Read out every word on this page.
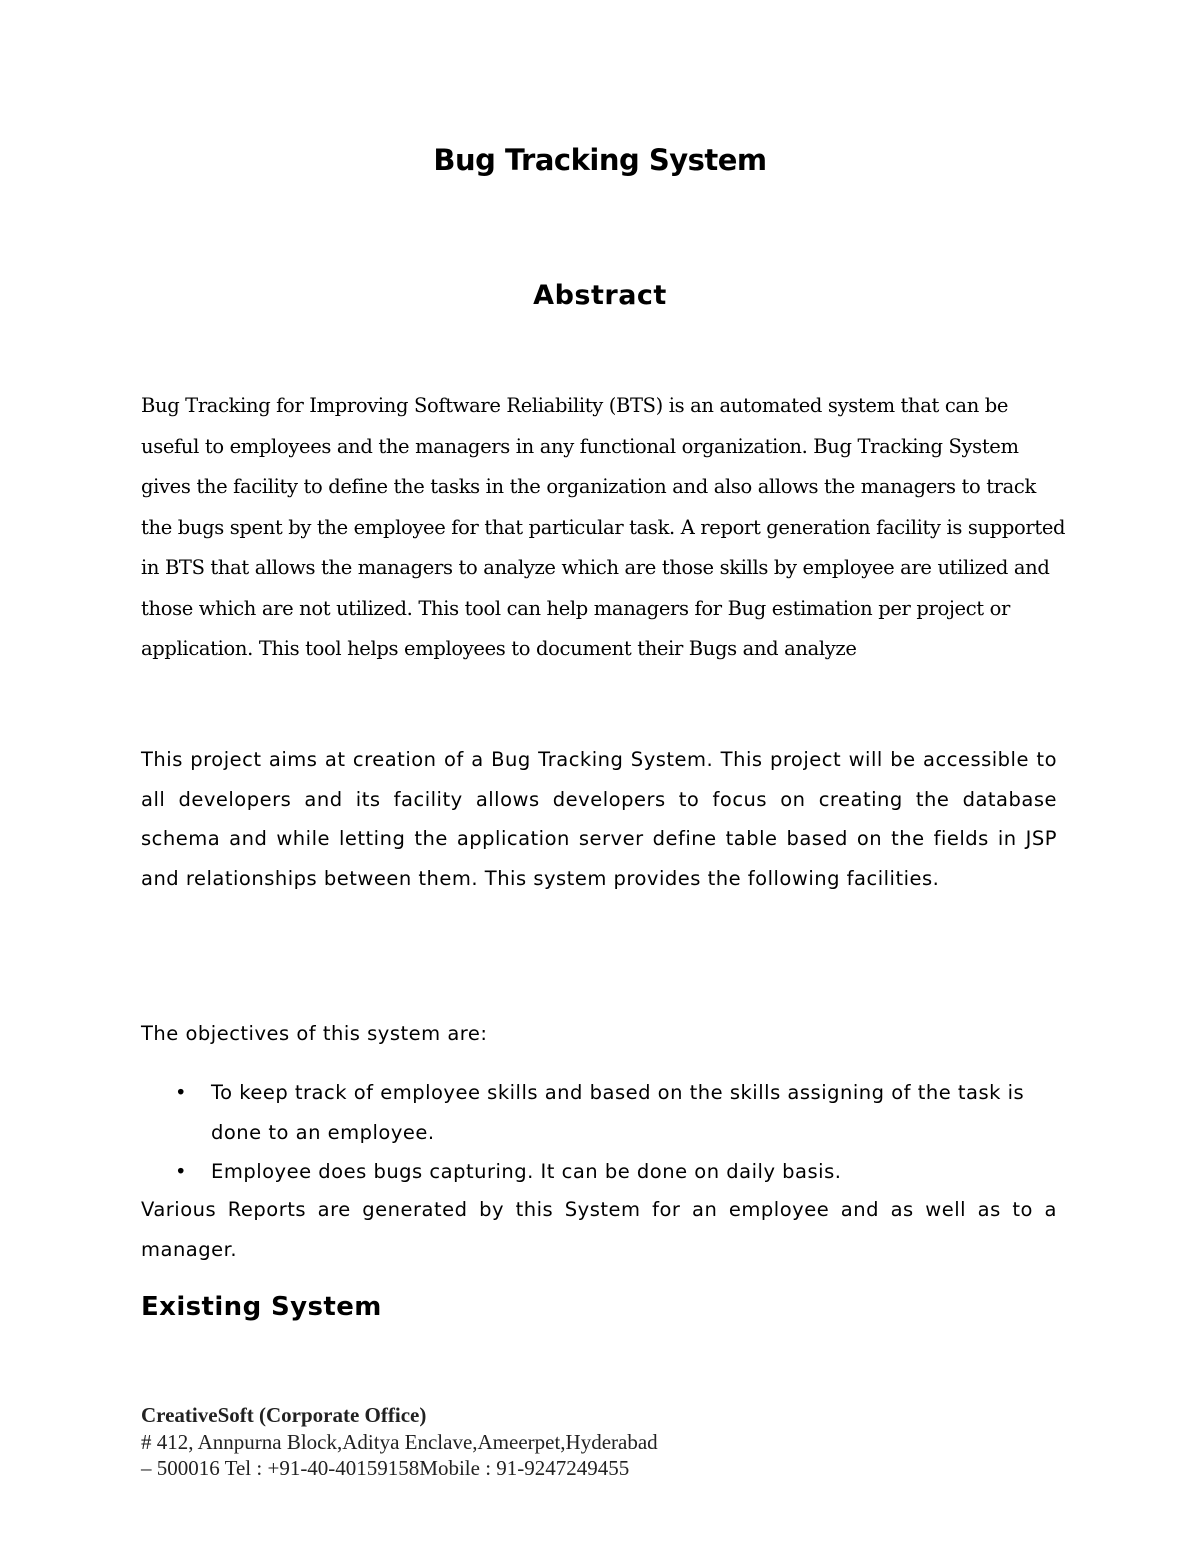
Bug Tracking System
Abstract
Bug Tracking for Improving Software Reliability (BTS) is an automated system that can be useful to employees and the managers in any functional organization. Bug Tracking System gives the facility to define the tasks in the organization and also allows the managers to track the bugs spent by the employee for that particular task. A report generation facility is supported in BTS that allows the managers to analyze which are those skills by employee are utilized and those which are not utilized. This tool can help managers for Bug estimation per project or application. This tool helps employees to document their Bugs and analyze
This project aims at creation of a Bug Tracking System. This project will be accessible to all developers and its facility allows developers to focus on creating the database schema and while letting the application server define table based on the fields in JSP and relationships between them. This system provides the following facilities.
The objectives of this system are:
• To keep track of employee skills and based on the skills assigning of the task is done to an employee.
• Employee does bugs capturing. It can be done on daily basis.
Various Reports are generated by this System for an employee and as well as to a manager.
Existing System
CreativeSoft (Corporate Office)
# 412, Annpurna Block,Aditya Enclave,Ameerpet,Hyderabad
– 500016 Tel : +91-40-40159158Mobile : 91-9247249455
